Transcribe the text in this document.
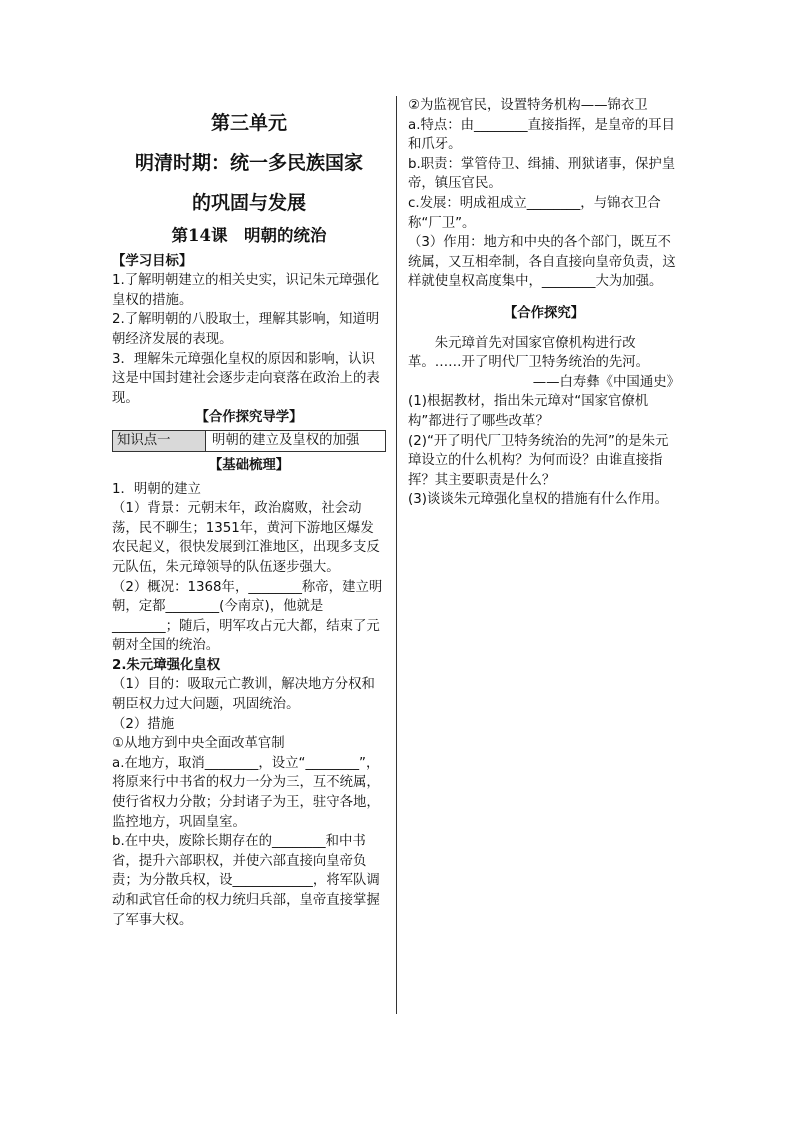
第三单元

明清时期：统一多民族国家

的巩固与发展

第14课　明朝的统治

【学习目标】

1.了解明朝建立的相关史实，识记朱元璋强化皇权的措施。

2.了解明朝的八股取士，理解其影响，知道明朝经济发展的表现。

3．理解朱元璋强化皇权的原因和影响，认识这是中国封建社会逐步走向衰落在政治上的表现。

【合作探究导学】

知识点一	明朝的建立及皇权的加强

【基础梳理】

1．明朝的建立

（1）背景：元朝末年，政治腐败，社会动荡，民不聊生；1351年，黄河下游地区爆发农民起义，很快发展到江淮地区，出现多支反元队伍，朱元璋领导的队伍逐步强大。

（2）概况：1368年，________称帝，建立明朝，定都________(今南京)，他就是________；随后，明军攻占元大都，结束了元朝对全国的统治。

2.朱元璋强化皇权

（1）目的：吸取元亡教训，解决地方分权和朝臣权力过大问题，巩固统治。

（2）措施

①从地方到中央全面改革官制

a.在地方，取消________，设立“________”，将原来行中书省的权力一分为三，互不统属，使行省权力分散；分封诸子为王，驻守各地，监控地方，巩固皇室。

b.在中央，废除长期存在的________和中书省，提升六部职权，并使六部直接向皇帝负责；为分散兵权，设____________，将军队调动和武官任命的权力统归兵部，皇帝直接掌握了军事大权。

②为监视官民，设置特务机构——锦衣卫

a.特点：由________直接指挥，是皇帝的耳目和爪牙。

b.职责：掌管侍卫、缉捕、刑狱诸事，保护皇帝，镇压官民。

c.发展：明成祖成立________，与锦衣卫合称“厂卫”。

（3）作用：地方和中央的各个部门，既互不统属，又互相牵制，各自直接向皇帝负责，这样就使皇权高度集中，________大为加强。

【合作探究】

　　朱元璋首先对国家官僚机构进行改革。……开了明代厂卫特务统治的先河。

——白寿彝《中国通史》

(1)根据教材，指出朱元璋对“国家官僚机构”都进行了哪些改革？

(2)“开了明代厂卫特务统治的先河”的是朱元璋设立的什么机构？为何而设？由谁直接指挥？其主要职责是什么？

(3)谈谈朱元璋强化皇权的措施有什么作用。
